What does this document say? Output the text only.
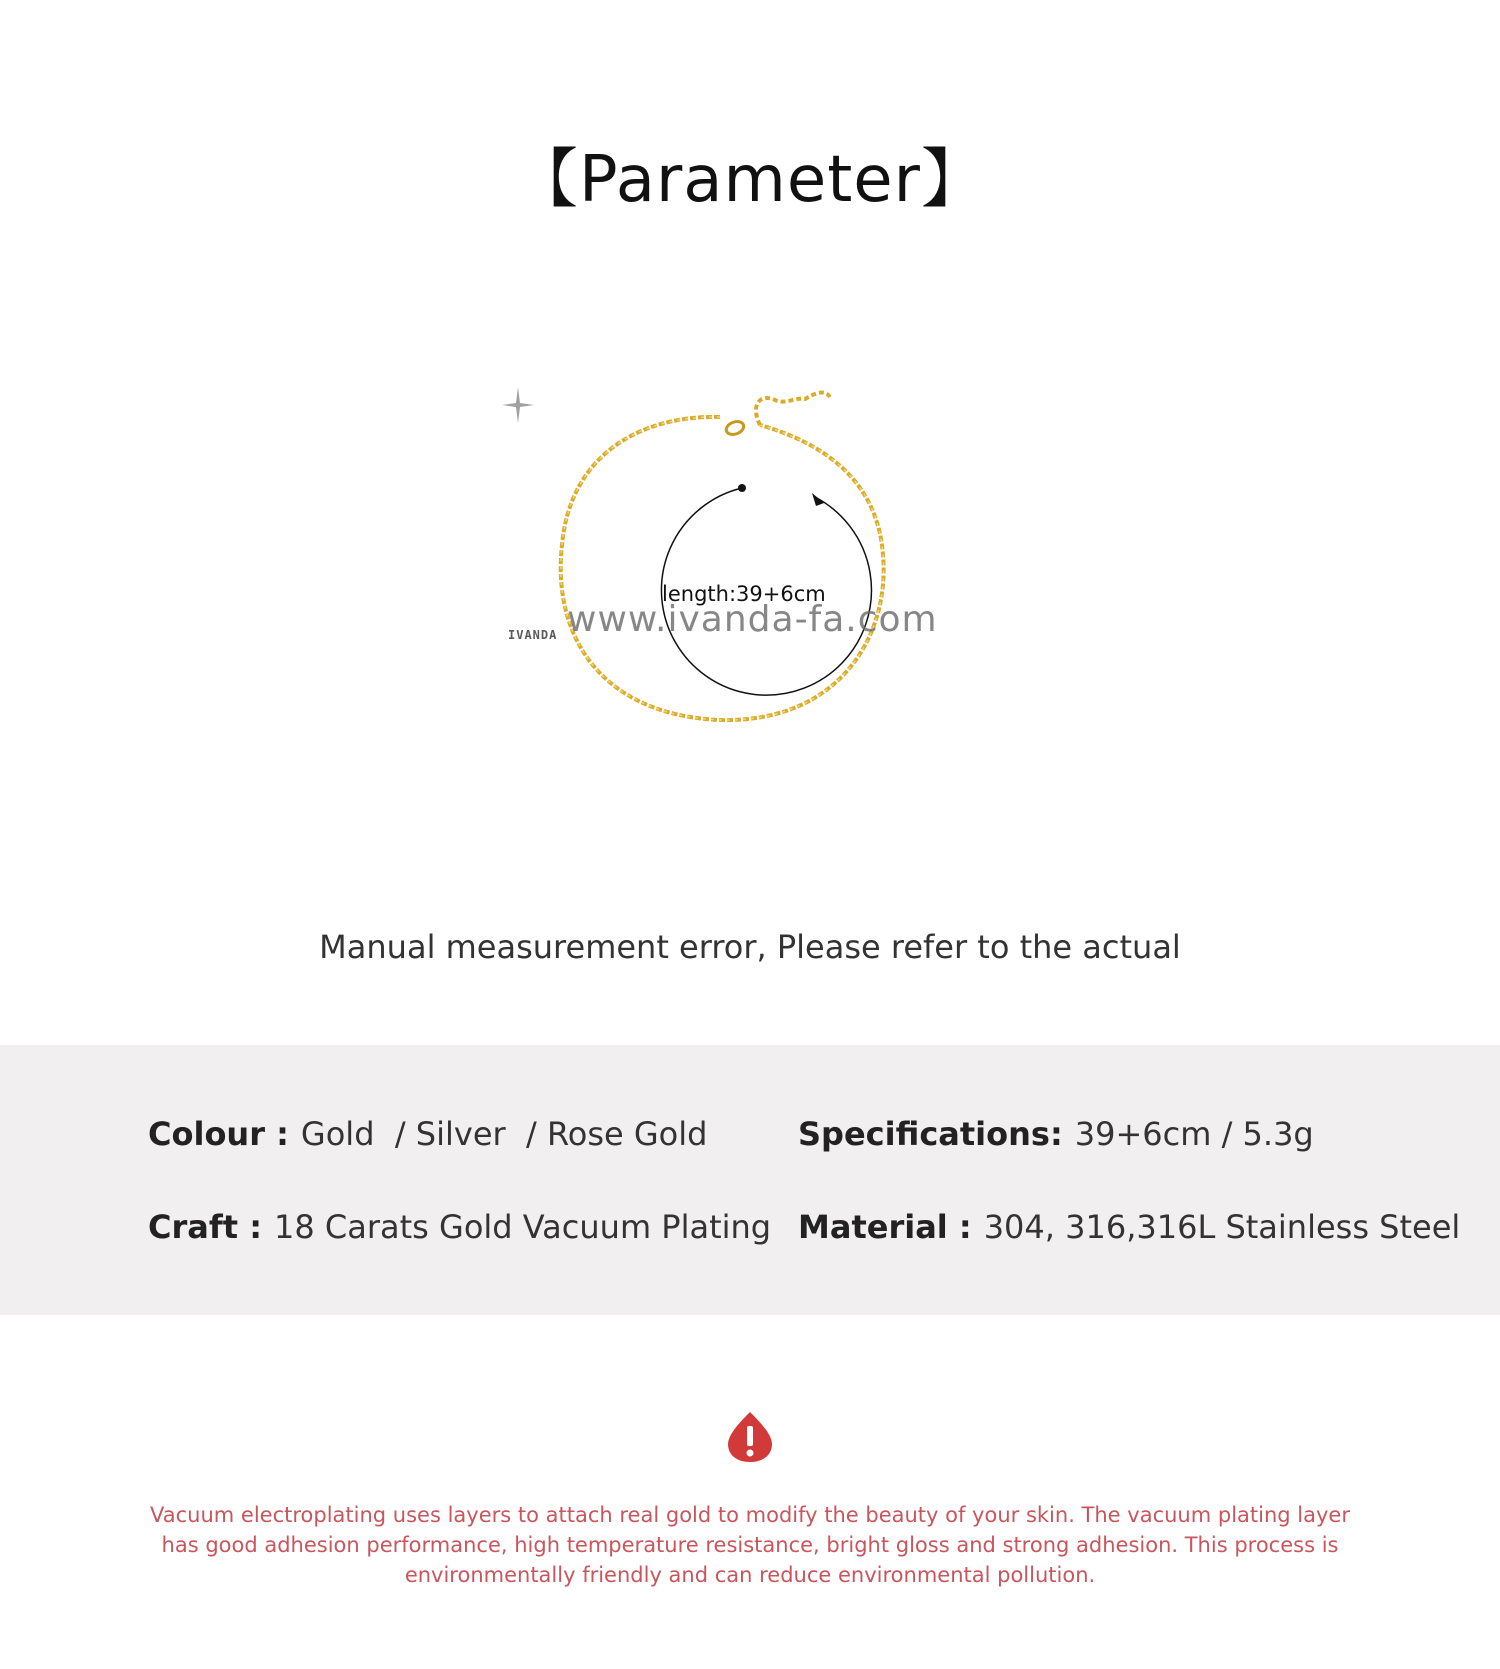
【Parameter】
www.ivanda-fa.com
IVANDA
length:39+6cm
Manual measurement error, Please refer to the actual
Colour : Gold  / Silver  / Rose Gold
Craft : 18 Carats Gold Vacuum Plating
Specifications: 39+6cm / 5.3g
Material : 304, 316,316L Stainless Steel
Vacuum electroplating uses layers to attach real gold to modify the beauty of your skin. The vacuum plating layer has good adhesion performance, high temperature resistance, bright gloss and strong adhesion. This process is environmentally friendly and can reduce environmental pollution.
